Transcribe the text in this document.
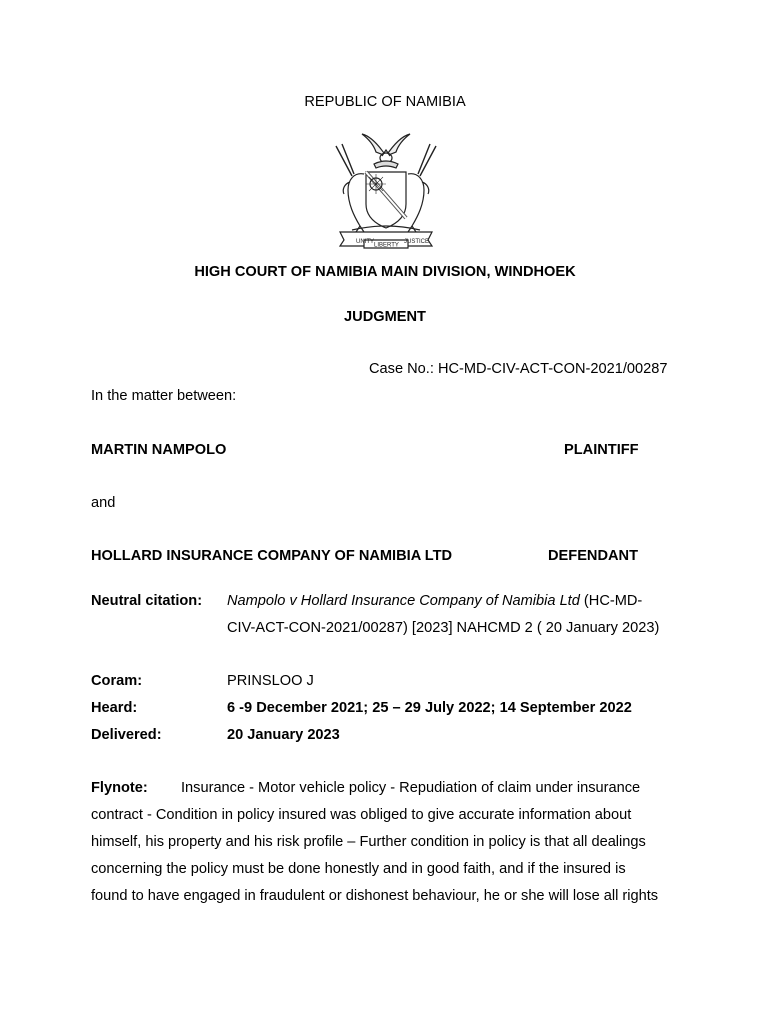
REPUBLIC OF NAMIBIA
UNITY
LIBERTY
JUSTICE
HIGH COURT OF NAMIBIA MAIN DIVISION, WINDHOEK
JUDGMENT
Case No.: HC-MD-CIV-ACT-CON-2021/00287
In the matter between:
MARTIN NAMPOLO	PLAINTIFF
and
HOLLARD INSURANCE COMPANY OF NAMIBIA LTD	DEFENDANT
Neutral citation: Nampolo v Hollard Insurance Company of Namibia Ltd (HC-MD-
CIV-ACT-CON-2021/00287) [2023] NAHCMD 2 ( 20 January 2023)
Coram:	PRINSLOO J
Heard:	6 -9 December 2021; 25 – 29 July 2022; 14 September 2022
Delivered:	20 January 2023
Flynote: Insurance - Motor vehicle policy - Repudiation of claim under insurance
contract - Condition in policy insured was obliged to give accurate information about
himself, his property and his risk profile – Further condition in policy is that all dealings
concerning the policy must be done honestly and in good faith, and if the insured is
found to have engaged in fraudulent or dishonest behaviour, he or she will lose all rights
